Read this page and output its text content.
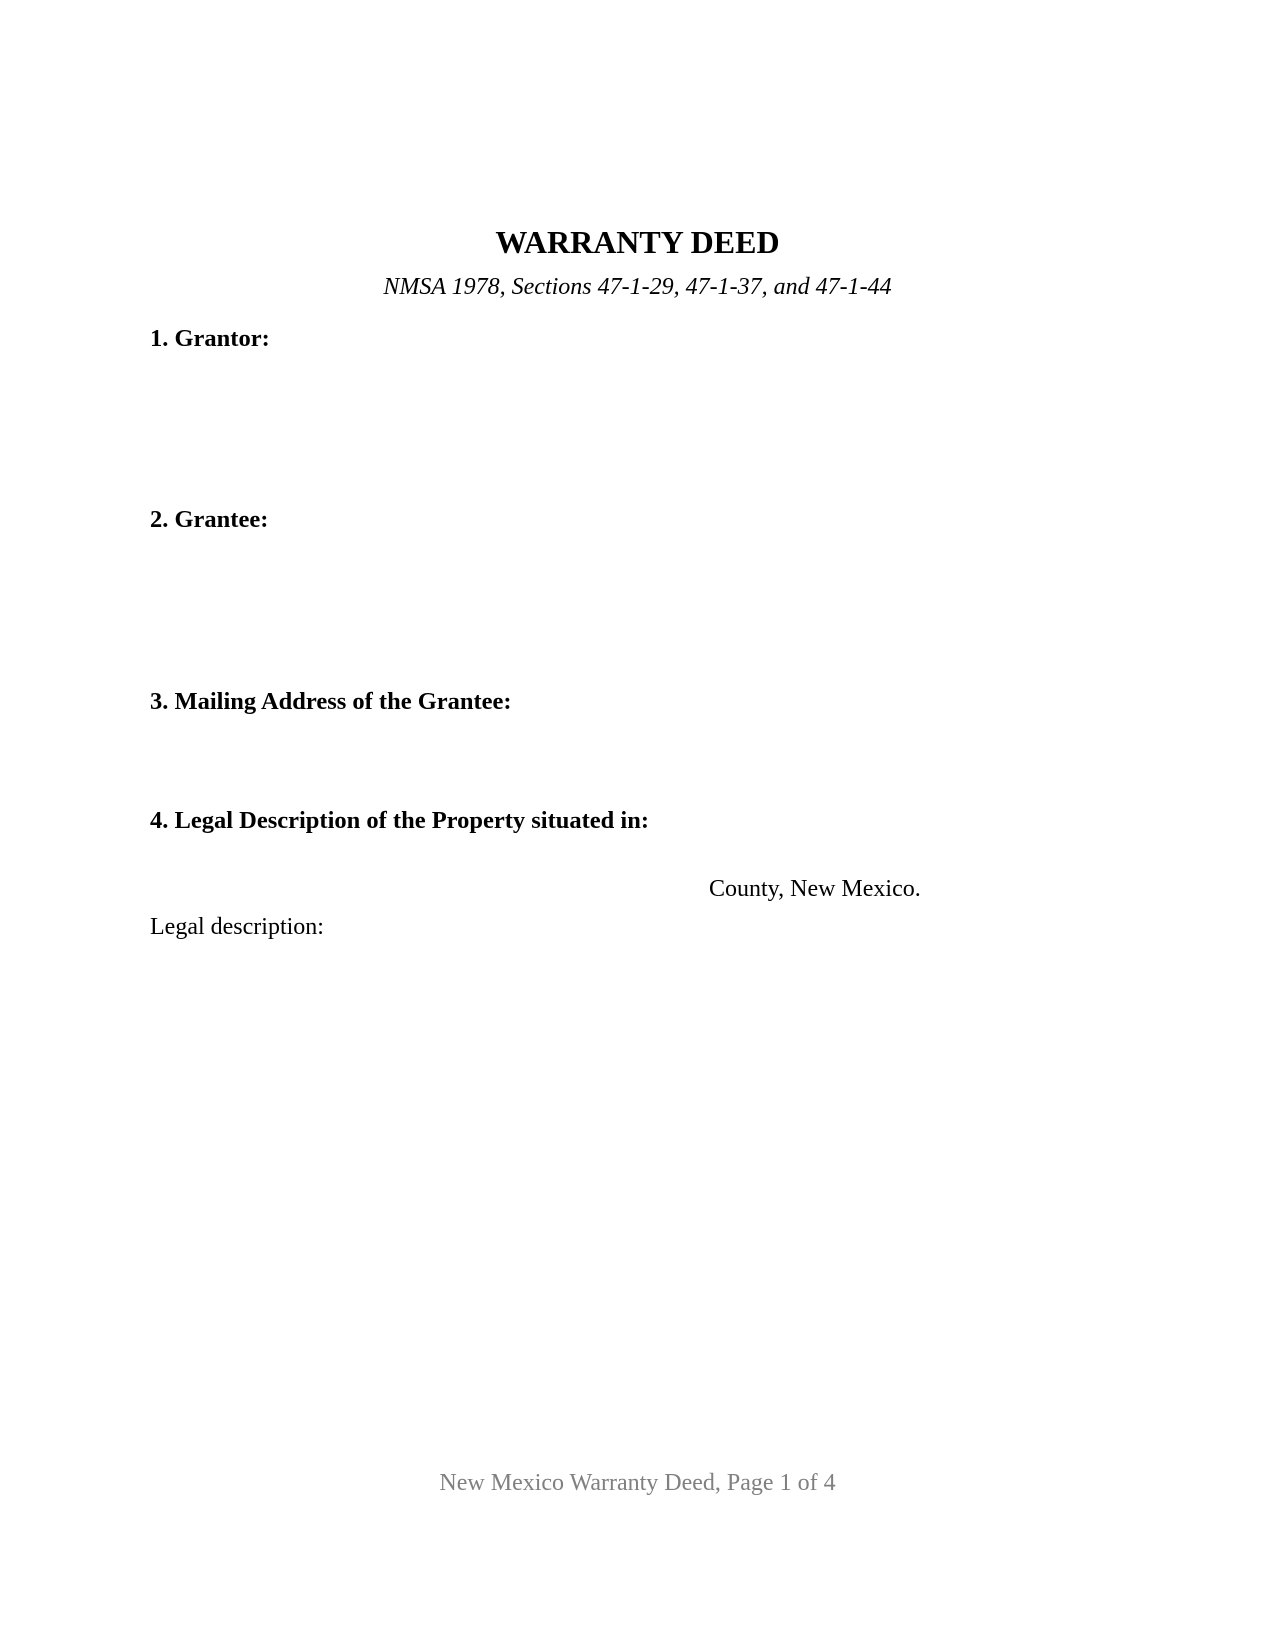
WARRANTY DEED

NMSA 1978, Sections 47-1-29, 47-1-37, and 47-1-44

1. Grantor:

2. Grantee:

3. Mailing Address of the Grantee:

4. Legal Description of the Property situated in:

County, New Mexico.

Legal description:

New Mexico Warranty Deed, Page 1 of 4
